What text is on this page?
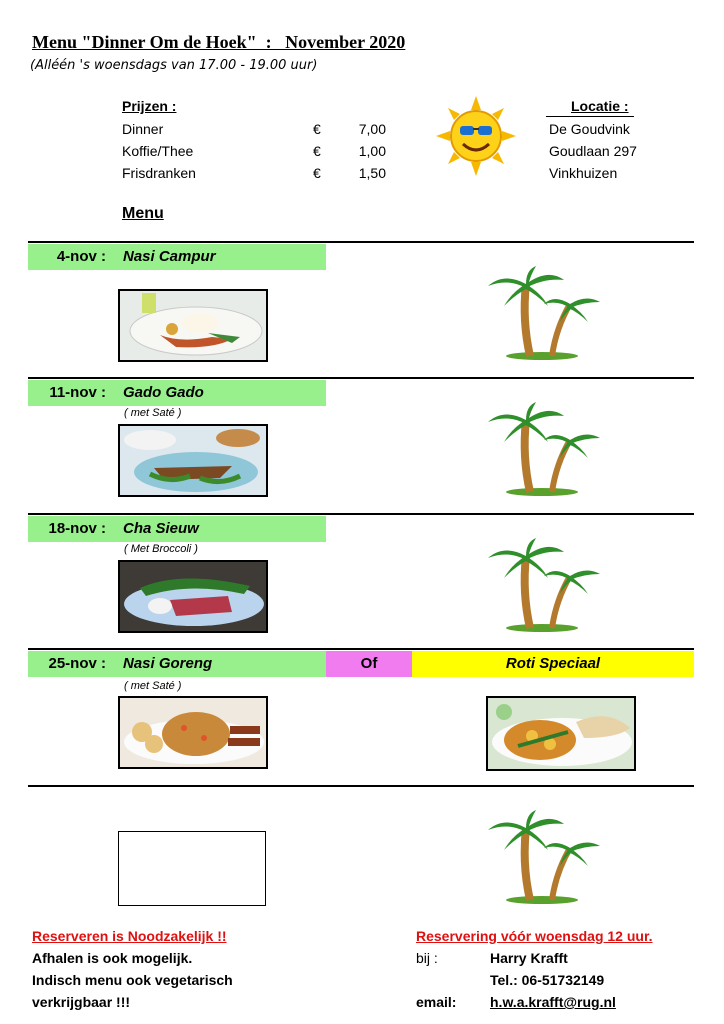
Menu "Dinner Om de Hoek"  :   November 2020
(Alléén 's woensdags van 17.00 - 19.00 uur)
Prijzen :
Dinner	€	7,00
Koffie/Thee	€	1,00
Frisdranken	€	1,50
Locatie :
De Goudvink
Goudlaan 297
Vinkhuizen
Menu
4-nov : Nasi Campur
11-nov : Gado Gado
( met Saté )
18-nov : Cha Sieuw
( Met Broccoli )
25-nov : Nasi Goreng	Of	Roti Speciaal
( met Saté )
Reserveren is Noodzakelijk !!
Afhalen is ook mogelijk.
Indisch menu ook vegetarisch
verkrijgbaar !!!
Reservering vóór woensdag 12 uur.
bij :	Harry Krafft
Tel.: 06-51732149
email: h.w.a.krafft@rug.nl
